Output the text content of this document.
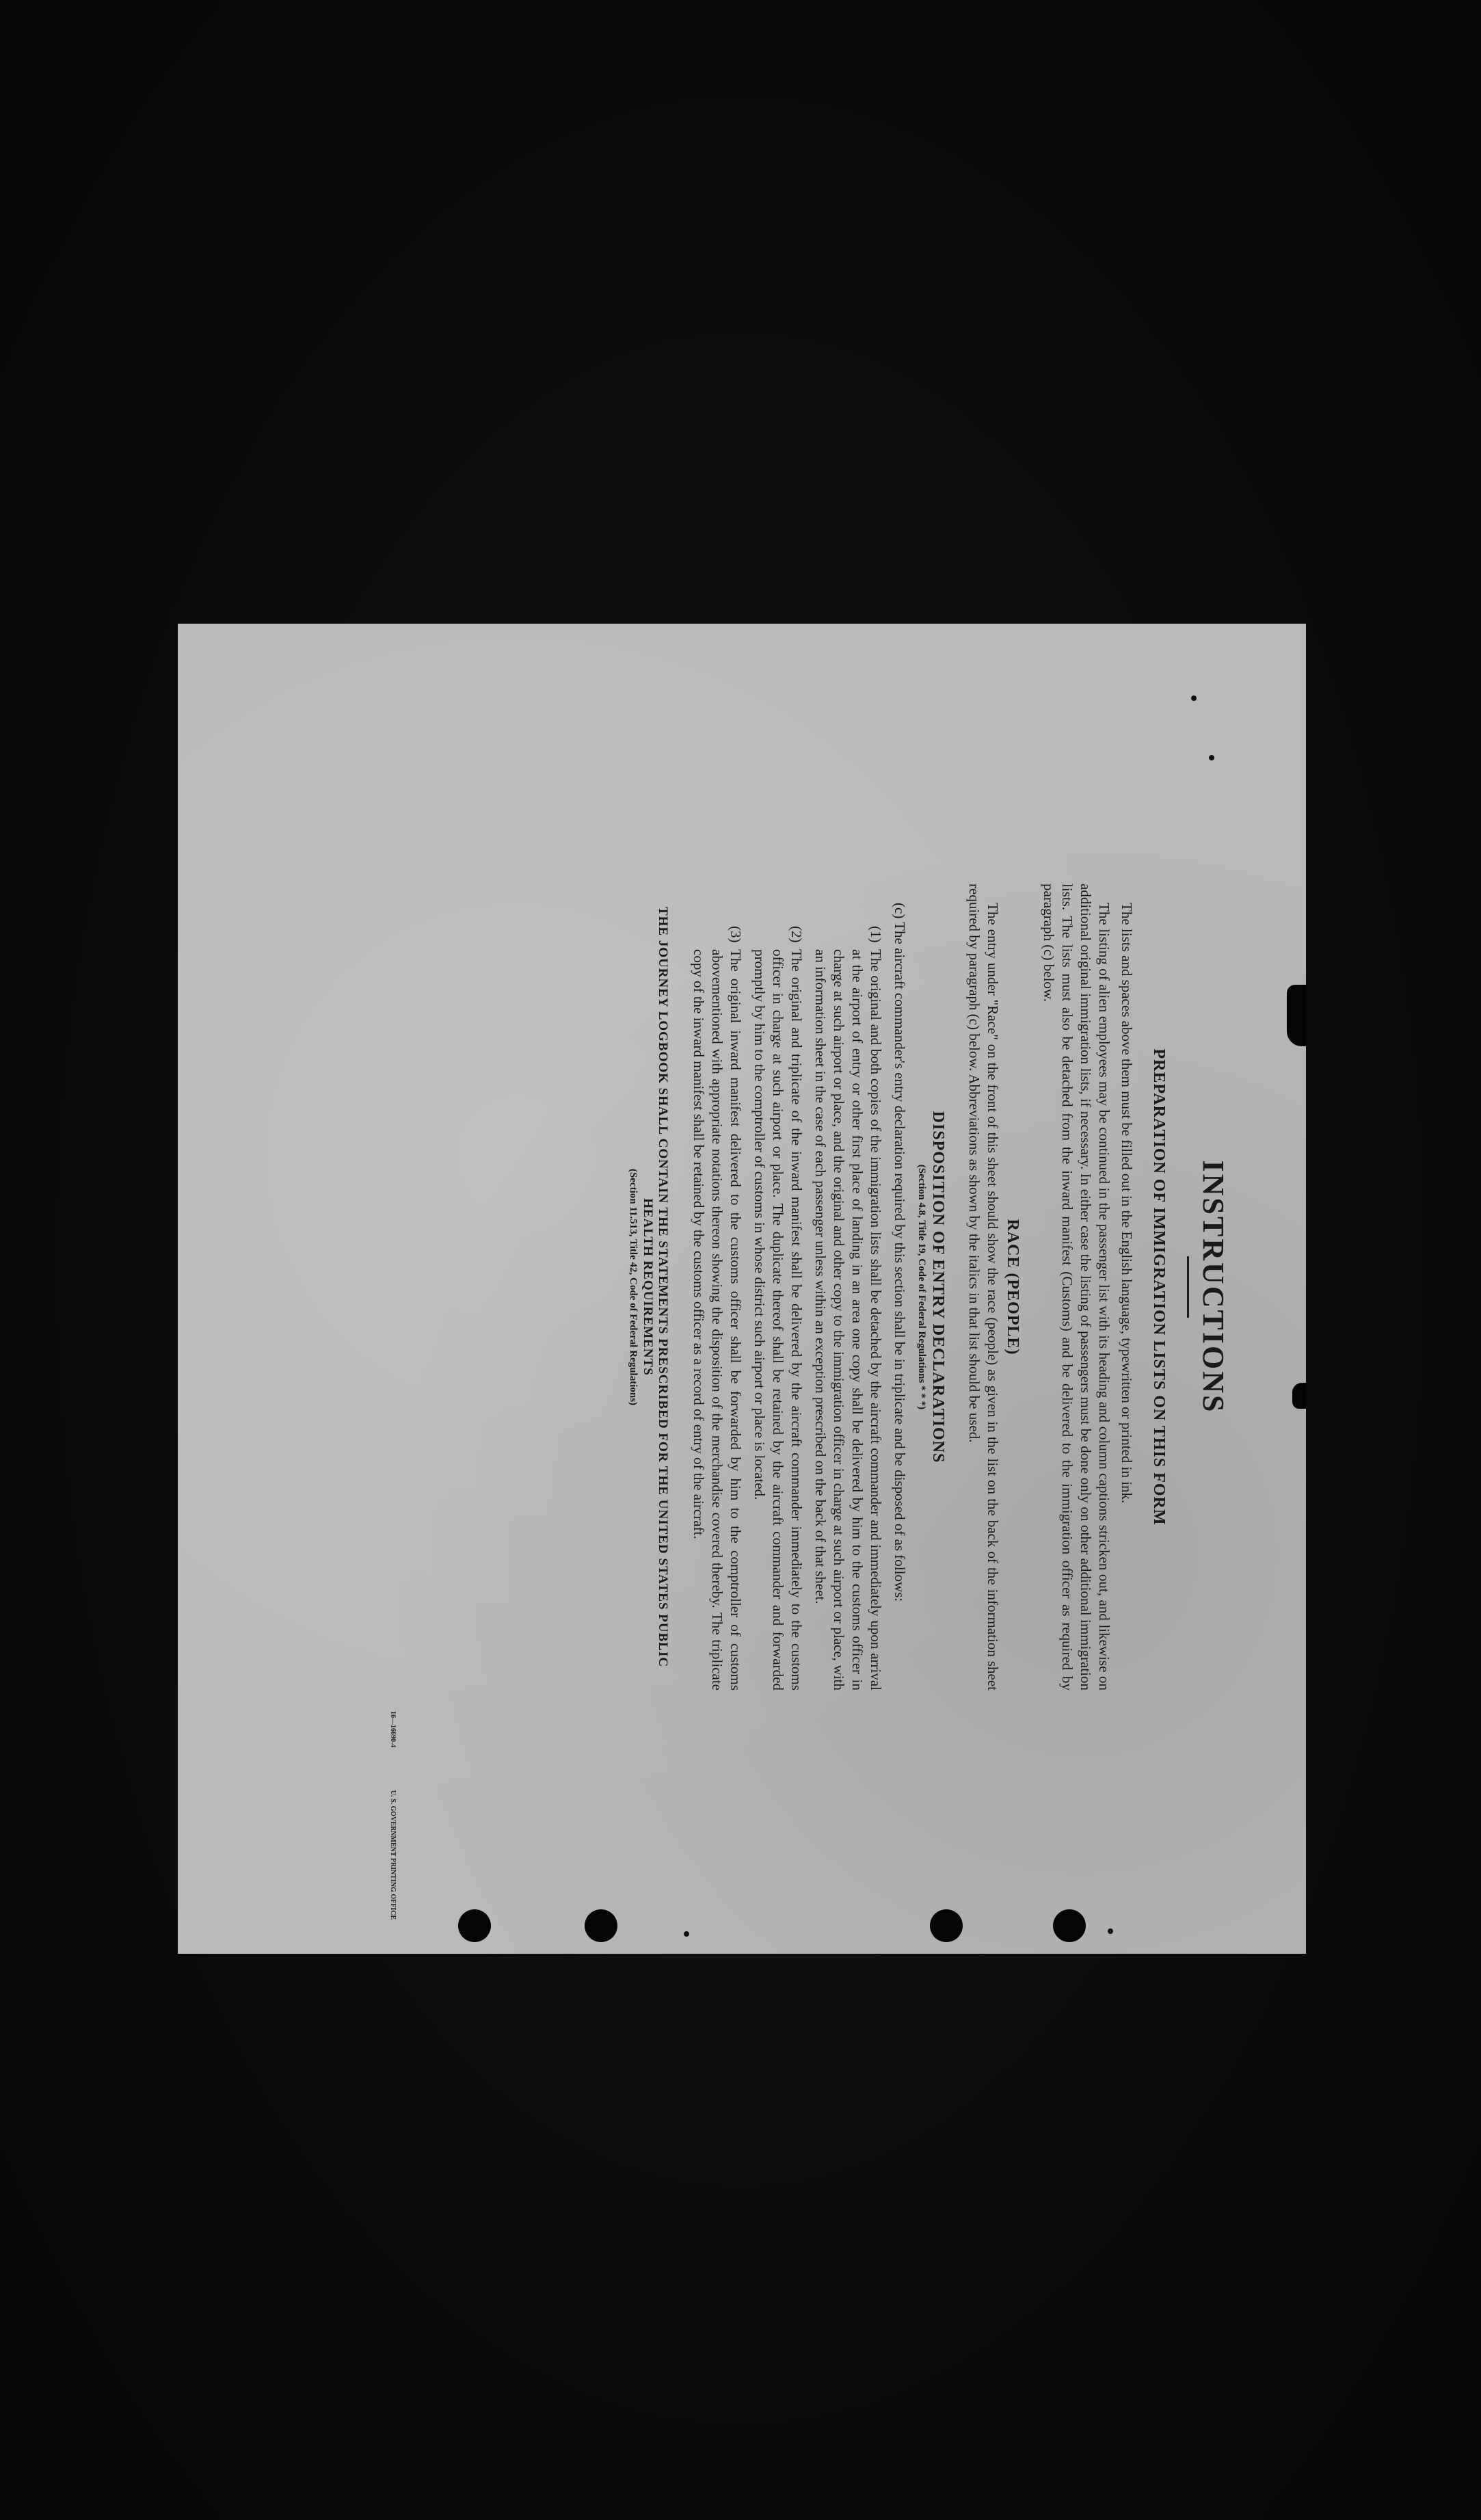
INSTRUCTIONS
PREPARATION OF IMMIGRATION LISTS ON THIS FORM

The lists and spaces above them must be filled out in the English language, typewritten or printed in ink.

The listing of alien employees may be continued in the passenger list with its heading and column captions stricken out, and likewise on additional original immigration lists, if necessary. In either case the listing of passengers must be done only on other additional immigration lists. The lists must also be detached from the inward manifest (Customs) and be delivered to the immigration officer as required by paragraph (c) below.

RACE (PEOPLE)

The entry under "Race" on the front of this sheet should show the race (people) as given in the list on the back of the information sheet required by paragraph (c) below. Abbreviations as shown by the italics in that list should be used.

DISPOSITION OF ENTRY DECLARATIONS
(Section 4.8, Title 19, Code of Federal Regulations * * *)

(c) The aircraft commander's entry declaration required by this section shall be in triplicate and be disposed of as follows:

(1)
The original and both copies of the immigration lists shall be detached by the aircraft commander and immediately upon arrival at the airport of entry or other first place of landing in an area one copy shall be delivered by him to the customs officer in charge at such airport or place, and the original and other copy to the immigration officer in charge at such airport or place, with an information sheet in the case of each passenger unless within an exception prescribed on the back of that sheet.
(2)
The original and triplicate of the inward manifest shall be delivered by the aircraft commander immediately to the customs officer in charge at such airport or place. The duplicate thereof shall be retained by the aircraft commander and forwarded promptly by him to the comptroller of customs in whose district such airport or place is located.
(3)
The original inward manifest delivered to the customs officer shall be forwarded by him to the comptroller of customs abovementioned with appropriate notations thereon showing the disposition of the merchandise covered thereby. The triplicate copy of the inward manifest shall be retained by the customs officer as a record of entry of the aircraft.
THE JOURNEY LOGBOOK SHALL CONTAIN THE STATEMENTS PRESCRIBED FOR THE UNITED STATES PUBLIC HEALTH REQUIREMENTS
(Section 11.513, Title 42, Code of Federal Regulations)
16—16690-4 U. S. GOVERNMENT PRINTING OFFICE
